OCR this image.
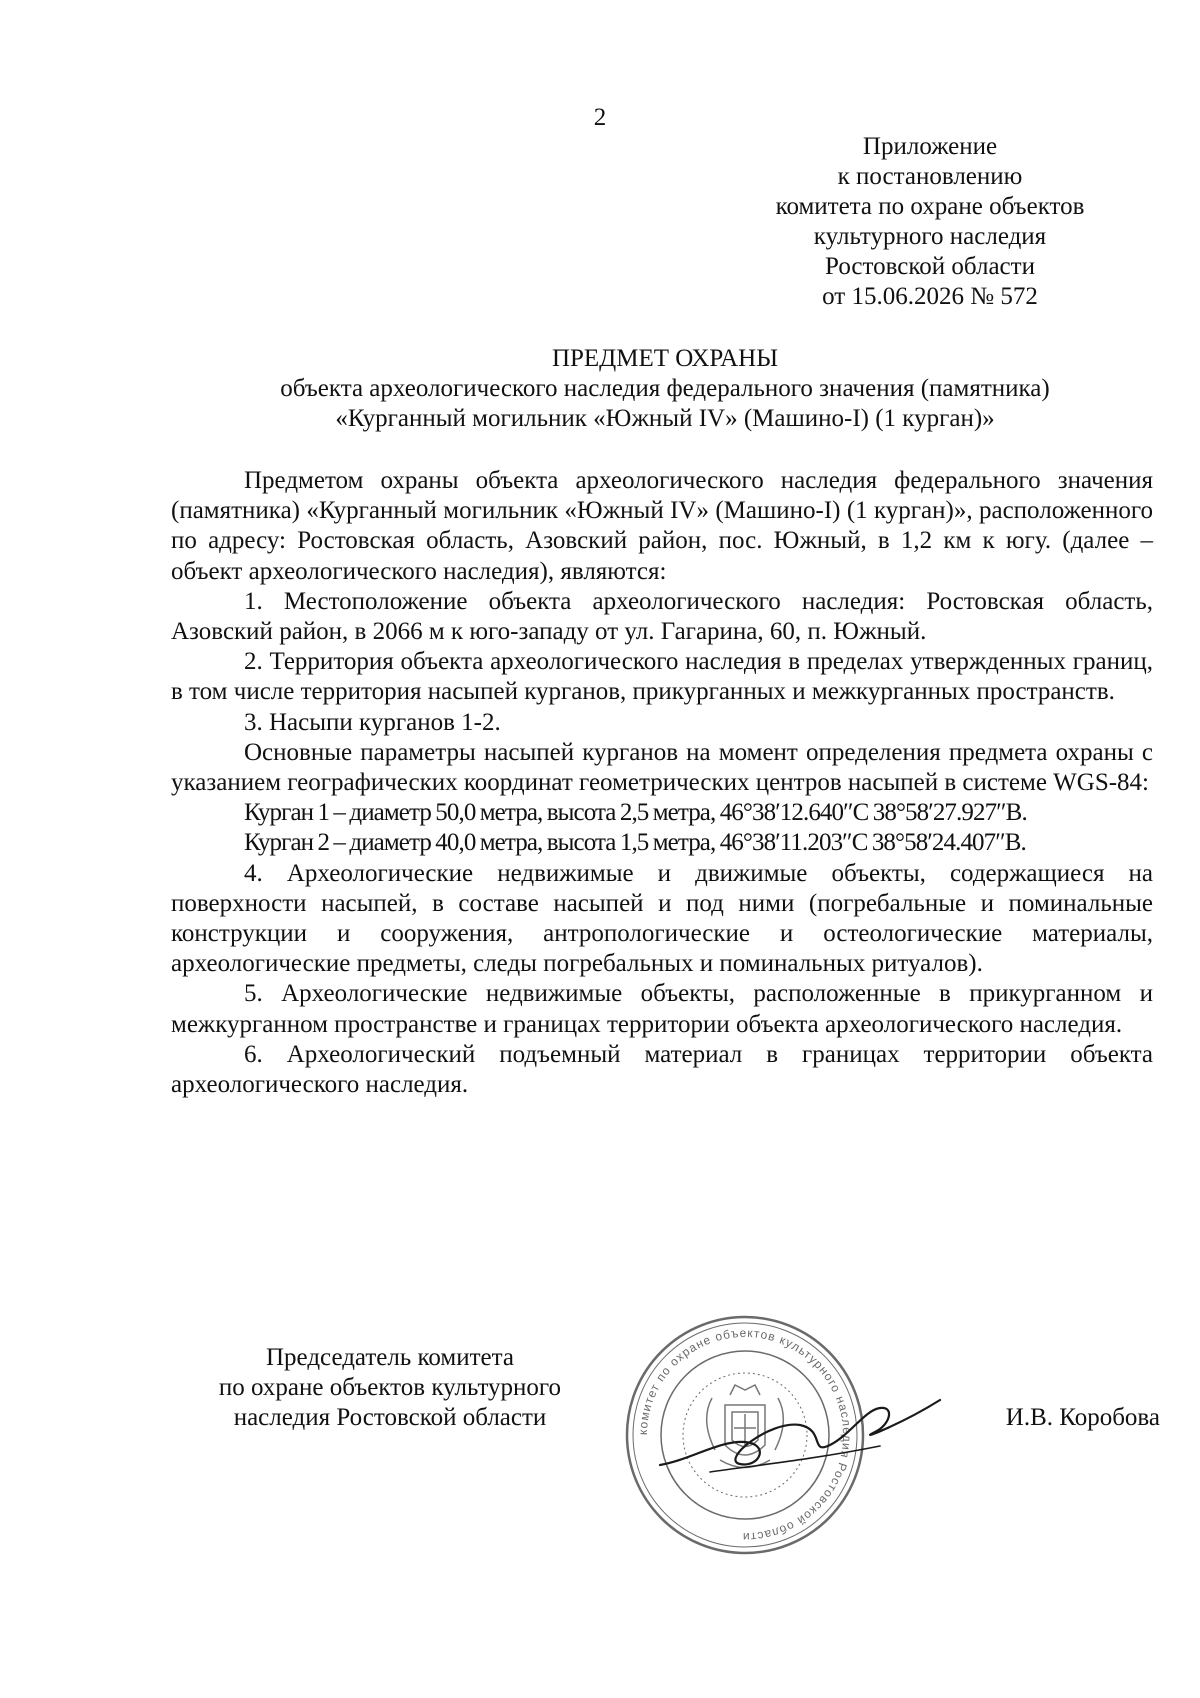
2
Приложение
к постановлению
комитета по охране объектов
культурного наследия
Ростовской области
от 15.06.2026 № 572
ПРЕДМЕТ ОХРАНЫ
объекта археологического наследия федерального значения (памятника)
«Курганный могильник «Южный IV» (Машино-I) (1 курган)»

Предметом охраны объекта археологического наследия федерального значения (памятника) «Курганный могильник «Южный IV» (Машино-I) (1 курган)», расположенного по адресу: Ростовская область, Азовский район, пос. Южный, в 1,2 км к югу. (далее – объект археологического наследия), являются:

1. Местоположение объекта археологического наследия: Ростовская область, Азовский район, в 2066 м к юго-западу от ул. Гагарина, 60, п. Южный.

2. Территория объекта археологического наследия в пределах утвержденных границ, в том числе территория насыпей курганов, прикурганных и межкурганных пространств.

3. Насыпи курганов 1-2.

Основные параметры насыпей курганов на момент определения предмета охраны с указанием географических координат геометрических центров насыпей в системе WGS-84:

Курган 1 – диаметр 50,0 метра, высота 2,5 метра, 46°38′12.640″С 38°58′27.927″В.

Курган 2 – диаметр 40,0 метра, высота 1,5 метра, 46°38′11.203″С 38°58′24.407″В.

4. Археологические недвижимые и движимые объекты, содержащиеся на поверхности насыпей, в составе насыпей и под ними (погребальные и поминальные конструкции и сооружения, антропологические и остеологические материалы, археологические предметы, следы погребальных и поминальных ритуалов).

5. Археологические недвижимые объекты, расположенные в прикурганном и межкурганном пространстве и границах территории объекта археологического наследия.

6. Археологический подъемный материал в границах территории объекта археологического наследия.

Председатель комитета
по охране объектов культурного
наследия Ростовской области
комитет по охране объектов культурного наследия Ростовской области
И.В. Коробова
